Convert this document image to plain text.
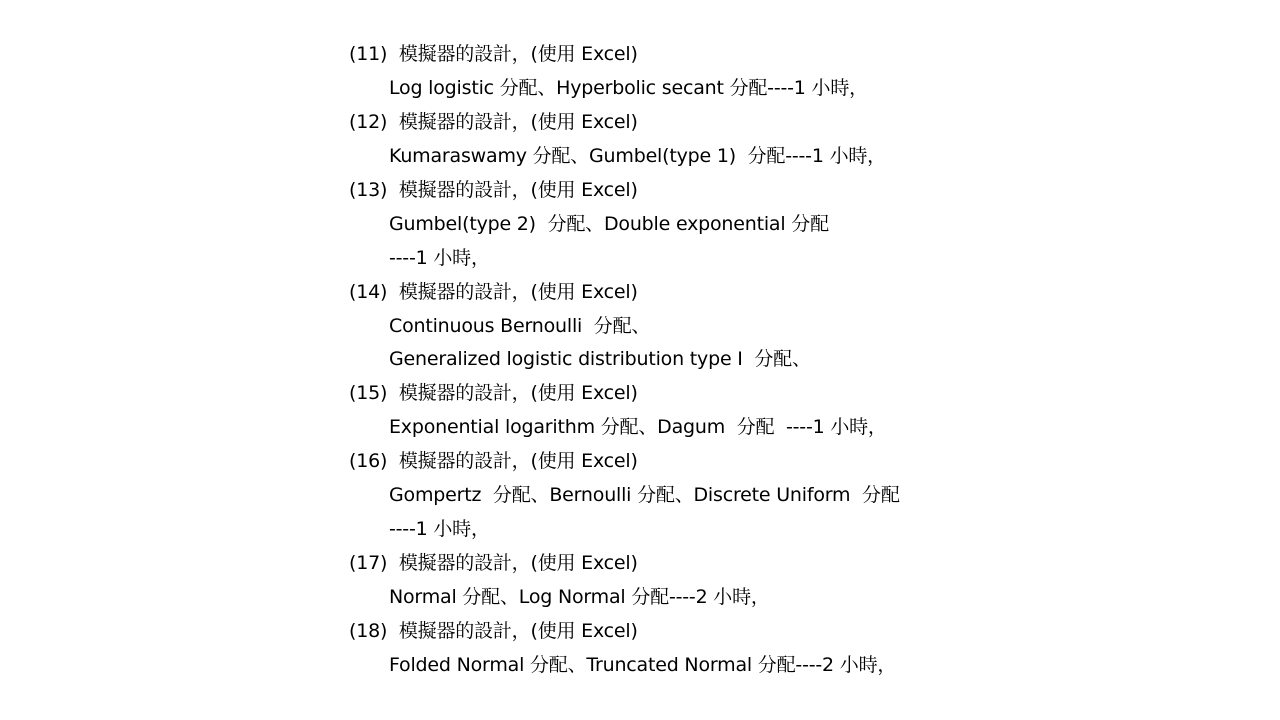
(11)  模擬器的設計，(使用 Excel)
Log logistic 分配、Hyperbolic secant 分配----1 小時，
(12)  模擬器的設計，(使用 Excel)
Kumaraswamy 分配、Gumbel(type 1)  分配----1 小時，
(13)  模擬器的設計，(使用 Excel)
Gumbel(type 2)  分配、Double exponential 分配
----1 小時，
(14)  模擬器的設計，(使用 Excel)
Continuous Bernoulli  分配、
Generalized logistic distribution type I  分配、
(15)  模擬器的設計，(使用 Excel)
Exponential logarithm 分配、Dagum  分配  ----1 小時，
(16)  模擬器的設計，(使用 Excel)
Gompertz  分配、Bernoulli 分配、Discrete Uniform  分配
----1 小時，
(17)  模擬器的設計，(使用 Excel)
Normal 分配、Log Normal 分配----2 小時，
(18)  模擬器的設計，(使用 Excel)
Folded Normal 分配、Truncated Normal 分配----2 小時，
